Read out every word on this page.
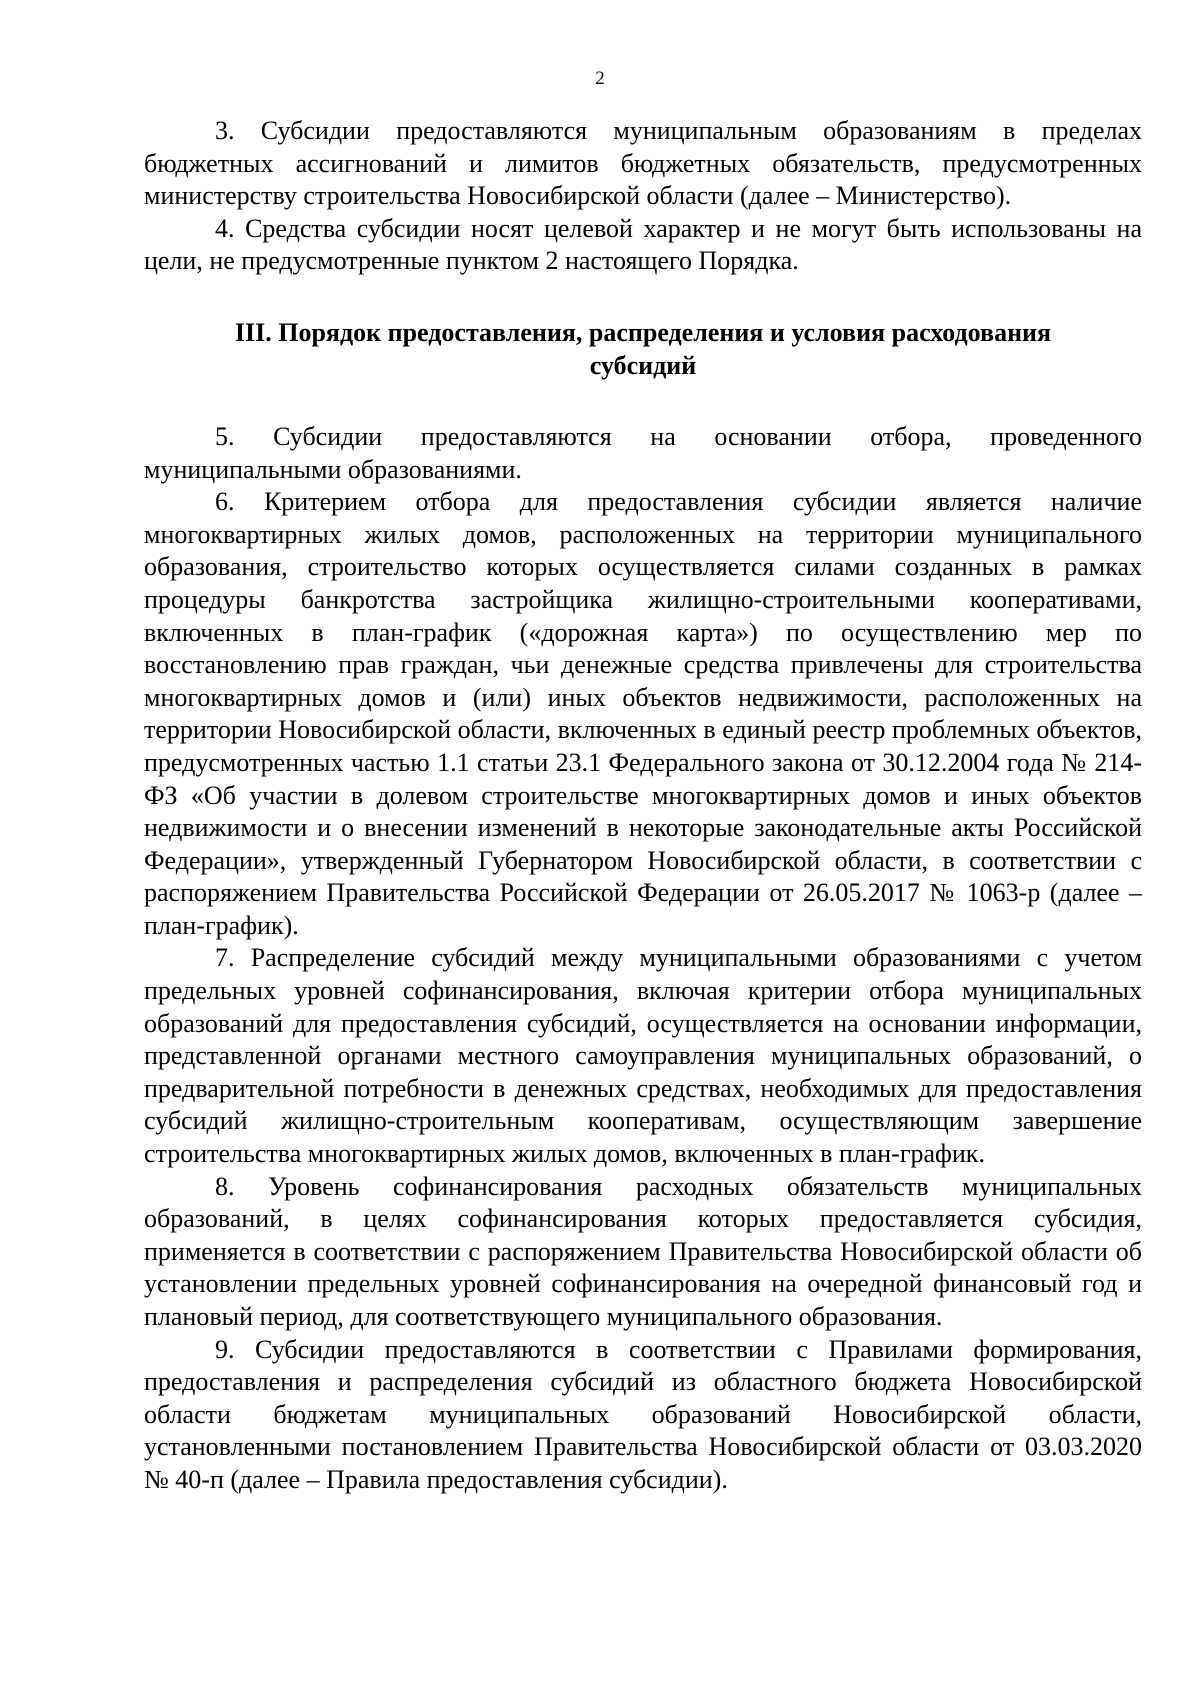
2

3. Субсидии предоставляются муниципальным образованиям в пределах бюджетных ассигнований и лимитов бюджетных обязательств, предусмотренных министерству строительства Новосибирской области (далее – Министерство).

4. Средства субсидии носят целевой характер и не могут быть использованы на цели, не предусмотренные пунктом 2 настоящего Порядка.

III. Порядок предоставления, распределения и условия расходования
субсидий

5. Субсидии предоставляются на основании отбора, проведенного муниципальными образованиями.

6. Критерием отбора для предоставления субсидии является наличие многоквартирных жилых домов, расположенных на территории муниципального образования, строительство которых осуществляется силами созданных в рамках процедуры банкротства застройщика жилищно-строительными кооперативами, включенных в план-график («дорожная карта») по осуществлению мер по восстановлению прав граждан, чьи денежные средства привлечены для строительства многоквартирных домов и (или) иных объектов недвижимости, расположенных на территории Новосибирской области, включенных в единый реестр проблемных объектов, предусмотренных частью 1.1 статьи 23.1 Федерального закона от 30.12.2004 года № 214-ФЗ «Об участии в долевом строительстве многоквартирных домов и иных объектов недвижимости и о внесении изменений в некоторые законодательные акты Российской Федерации», утвержденный Губернатором Новосибирской области, в соответствии с распоряжением Правительства Российской Федерации от 26.05.2017 № 1063-р (далее – план-график).

7. Распределение субсидий между муниципальными образованиями с учетом предельных уровней софинансирования, включая критерии отбора муниципальных образований для предоставления субсидий, осуществляется на основании информации, представленной органами местного самоуправления муниципальных образований, о предварительной потребности в денежных средствах, необходимых для предоставления субсидий жилищно-строительным кооперативам, осуществляющим завершение строительства многоквартирных жилых домов, включенных в план-график.

8. Уровень софинансирования расходных обязательств муниципальных образований, в целях софинансирования которых предоставляется субсидия, применяется в соответствии с распоряжением Правительства Новосибирской области об установлении предельных уровней софинансирования на очередной финансовый год и плановый период, для соответствующего муниципального образования.

9. Субсидии предоставляются в соответствии с Правилами формирования, предоставления и распределения субсидий из областного бюджета Новосибирской области бюджетам муниципальных образований Новосибирской области, установленными постановлением Правительства Новосибирской области от 03.03.2020 № 40-п (далее – Правила предоставления субсидии).
